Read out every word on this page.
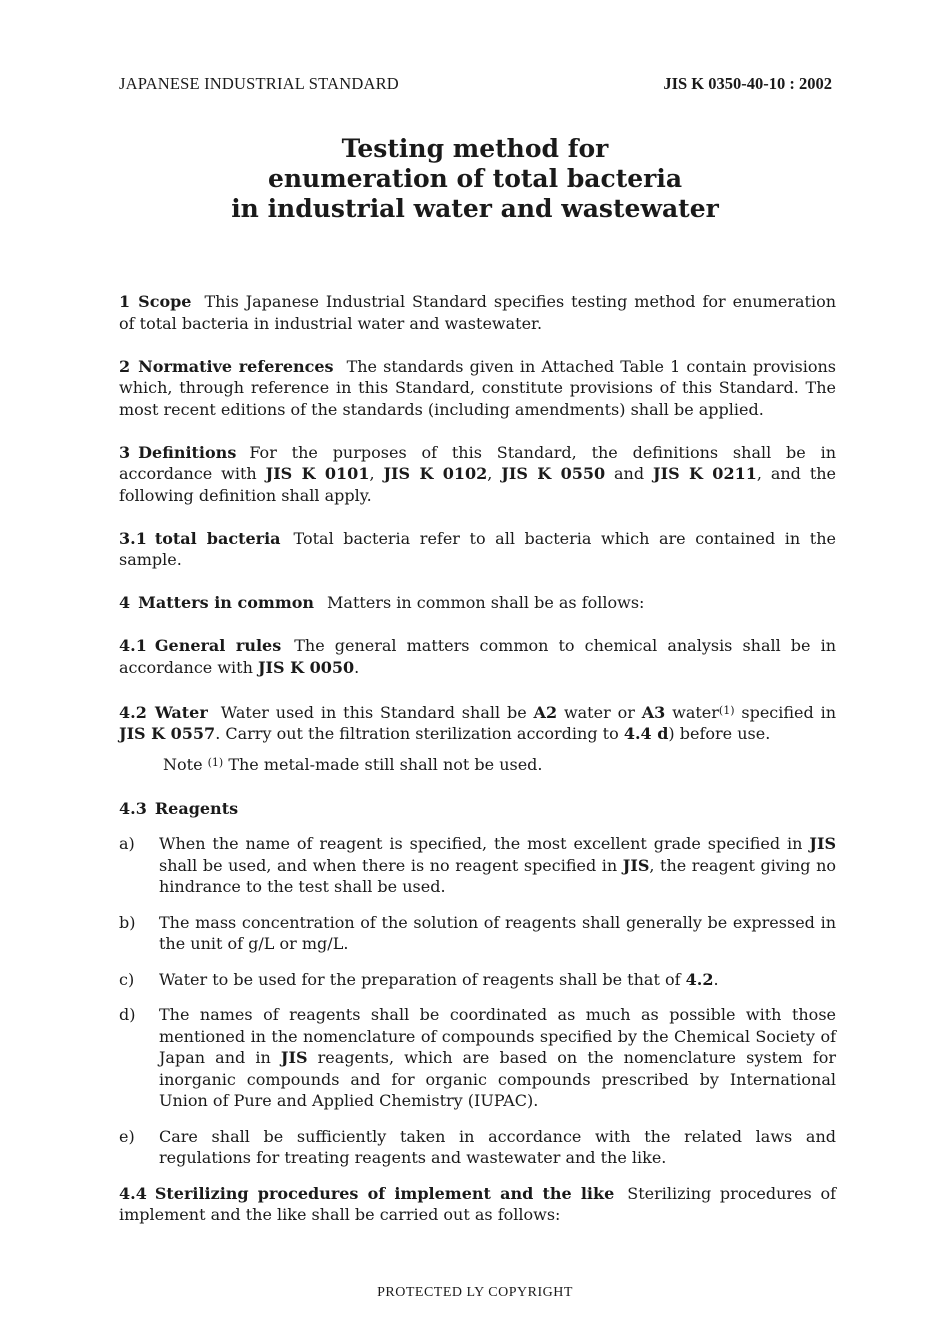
JAPANESE INDUSTRIAL STANDARD	JIS K 0350-40-10 : 2002
Testing method for
enumeration of total bacteria
in industrial water and wastewater

1 Scope This Japanese Industrial Standard specifies testing method for enumeration of total bacteria in industrial water and wastewater.

2 Normative references The standards given in Attached Table 1 contain provisions which, through reference in this Standard, constitute provisions of this Standard. The most recent editions of the standards (including amendments) shall be applied.

3 Definitions For the purposes of this Standard, the definitions shall be in accordance with JIS K 0101, JIS K 0102, JIS K 0550 and JIS K 0211, and the following definition shall apply.

3.1 total bacteria Total bacteria refer to all bacteria which are contained in the sample.

4 Matters in common Matters in common shall be as follows:

4.1 General rules The general matters common to chemical analysis shall be in accordance with JIS K 0050.

4.2 Water Water used in this Standard shall be A2 water or A3 water$^{(1)}$ specified in JIS K 0557. Carry out the filtration sterilization according to 4.4 d) before use.

Note $^{(1)}$ The metal-made still shall not be used.

4.3 Reagents

a)	When the name of reagent is specified, the most excellent grade specified in JIS shall be used, and when there is no reagent specified in JIS, the reagent giving no hindrance to the test shall be used.
b)	The mass concentration of the solution of reagents shall generally be expressed in the unit of g/L or mg/L.
c)	Water to be used for the preparation of reagents shall be that of 4.2.
d)	The names of reagents shall be coordinated as much as possible with those mentioned in the nomenclature of compounds specified by the Chemical Society of Japan and in JIS reagents, which are based on the nomenclature system for inorganic compounds and for organic compounds prescribed by International Union of Pure and Applied Chemistry (IUPAC).
e)	Care shall be sufficiently taken in accordance with the related laws and regulations for treating reagents and wastewater and the like.

4.4 Sterilizing procedures of implement and the like Sterilizing procedures of implement and the like shall be carried out as follows:

PROTECTED LY COPYRIGHT
